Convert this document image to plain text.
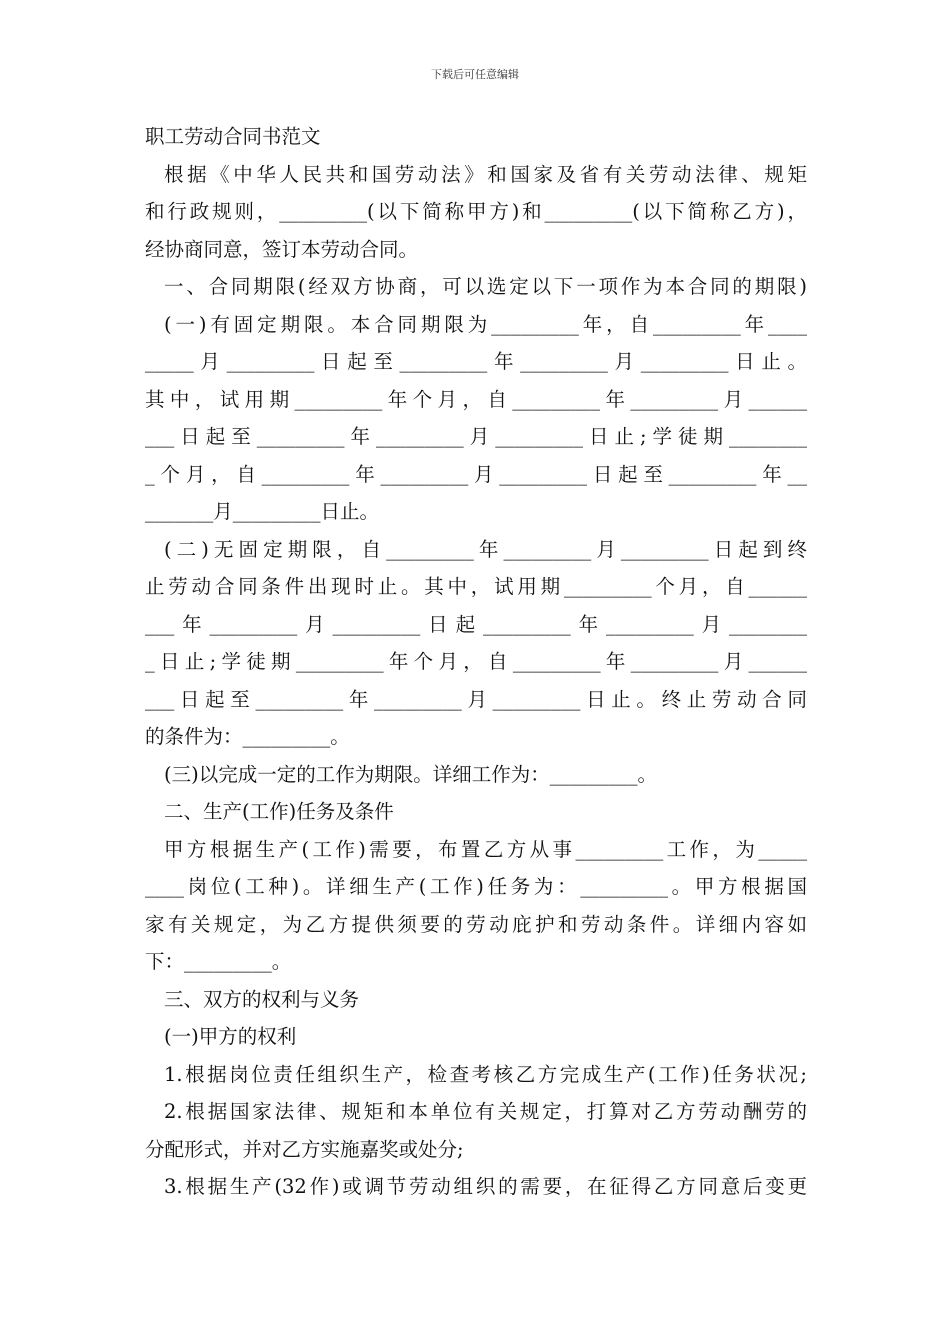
下载后可任意编辑
职工劳动合同书范文
根据《中华人民共和国劳动法》和国家及省有关劳动法律、规矩
和行政规则，_________(以下简称甲方)和_________(以下简称乙方)，
经协商同意，签订本劳动合同。
一、合同期限(经双方协商，可以选定以下一项作为本合同的期限)
(一)有固定期限。本合同期限为_________年，自_________年____
_____月_________日起至_________年_________月_________日止。
其中，试用期_________年个月，自_________年_________月______
___日起至_________年_________月_________日止;学徒期________
_个月，自_________年_________月_________日起至_________年__
_______月_________日止。
(二)无固定期限，自_________年_________月_________日起到终
止劳动合同条件出现时止。其中，试用期_________个月，自______
___年_________月_________日起_________年_________月________
_日止;学徒期_________年个月，自_________年_________月______
___日起至_________年_________月_________日止。终止劳动合同
的条件为：_________。
(三)以完成一定的工作为期限。详细工作为：_________。
二、生产(工作)任务及条件
甲方根据生产(工作)需要，布置乙方从事_________工作，为_____
____岗位(工种)。详细生产(工作)任务为：_________。甲方根据国
家有关规定，为乙方提供须要的劳动庇护和劳动条件。详细内容如
下：_________。
三、双方的权利与义务
(一)甲方的权利
1.根据岗位责任组织生产，检查考核乙方完成生产(工作)任务状况;
2.根据国家法律、规矩和本单位有关规定，打算对乙方劳动酬劳的
分配形式，并对乙方实施嘉奖或处分;
3.根据生产(32作)或调节劳动组织的需要，在征得乙方同意后变更
